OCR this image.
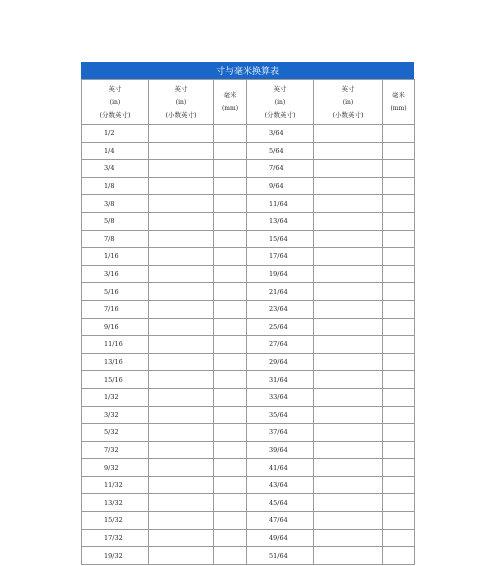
寸与毫米换算表
英寸
(in)
(分数英寸)	英寸
(in)
(小数英寸)	毫米
(mm)	英寸
(in)
(分数英寸)	英寸
(in)
(小数英寸)	毫米
(mm)

1/2			3/64		
1/4			5/64		
3/4			7/64		
1/8			9/64		
3/8			11/64		
5/8			13/64		
7/8			15/64		
1/16			17/64		
3/16			19/64		
5/16			21/64		
7/16			23/64		
9/16			25/64		
11/16			27/64		
13/16			29/64		
15/16			31/64		
1/32			33/64		
3/32			35/64		
5/32			37/64		
7/32			39/64		
9/32			41/64		
11/32			43/64		
13/32			45/64		
15/32			47/64		
17/32			49/64		
19/32			51/64		
